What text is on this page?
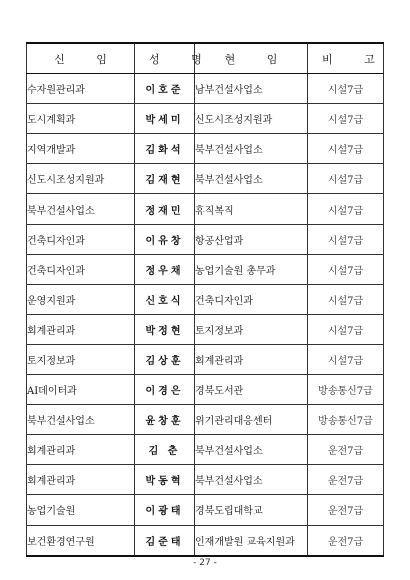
신 임	성 명	현 임	비 고
수자원관리과	이호준	남부건설사업소	시설7급
도시계획과	박세미	신도시조성지원과	시설7급
지역개발과	김화석	북부건설사업소	시설7급
신도시조성지원과	김재현	북부건설사업소	시설7급
북부건설사업소	정재민	휴직복직	시설7급
건축디자인과	이유창	항공산업과	시설7급
건축디자인과	정우채	농업기술원 총무과	시설7급
운영지원과	신호식	건축디자인과	시설7급
회계관리과	박정현	토지정보과	시설7급
토지정보과	김상훈	회계관리과	시설7급
AI데이터과	이경은	경북도서관	방송통신7급
북부건설사업소	윤창훈	위기관리대응센터	방송통신7급
회계관리과	김 춘	북부건설사업소	운전7급
회계관리과	박동혁	북부건설사업소	운전7급
농업기술원	이광태	경북도립대학교	운전7급
보건환경연구원	김준태	인재개발원 교육지원과	운전7급
- 27 -
